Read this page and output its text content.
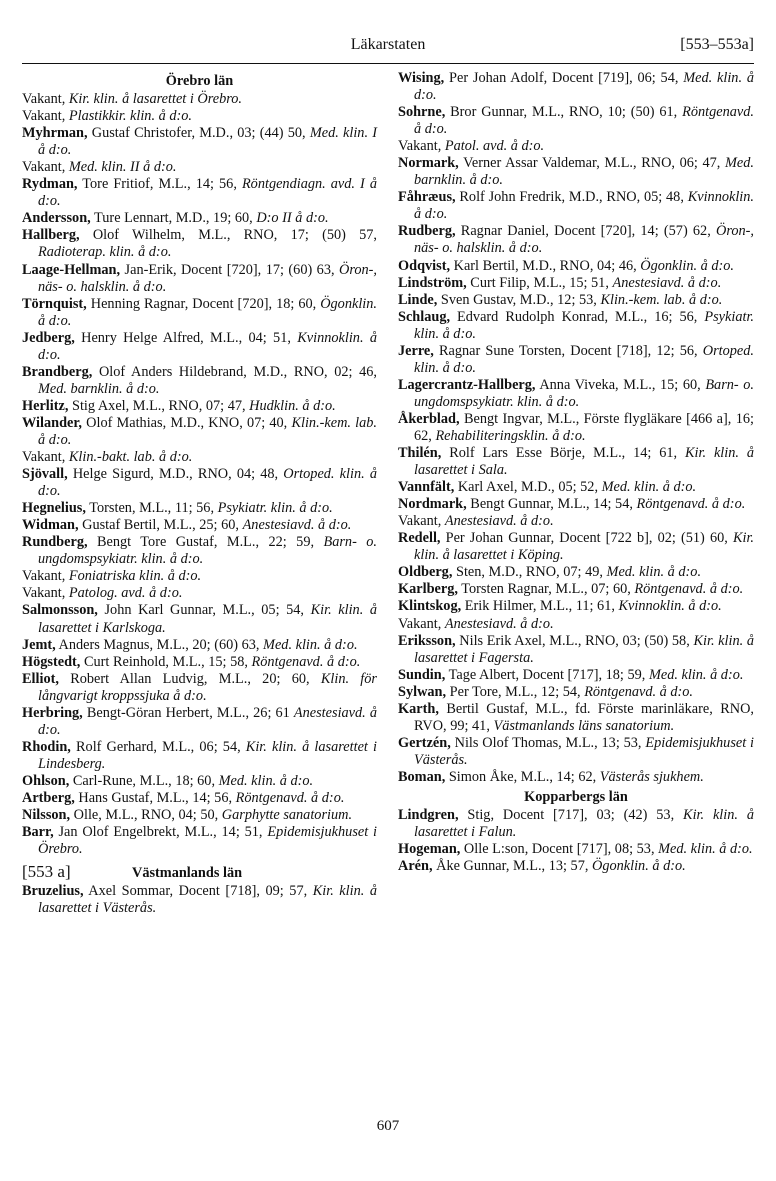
Läkarstaten	[553–553a]
Örebro län
Vakant, Kir. klin. å lasarettet i Örebro.
Vakant, Plastikkir. klin. å d:o.
Myhrman, Gustaf Christofer, M.D., 03; (44) 50, Med. klin. I å d:o.
Vakant, Med. klin. II å d:o.
Rydman, Tore Fritiof, M.L., 14; 56, Röntgendiagn. avd. I å d:o.
Andersson, Ture Lennart, M.D., 19; 60, D:o II å d:o.
Hallberg, Olof Wilhelm, M.L., RNO, 17; (50) 57, Radioterap. klin. å d:o.
Laage-Hellman, Jan-Erik, Docent [720], 17; (60) 63, Öron-, näs- o. halsklin. å d:o.
Törnquist, Henning Ragnar, Docent [720], 18; 60, Ögonklin. å d:o.
Jedberg, Henry Helge Alfred, M.L., 04; 51, Kvinnoklin. å d:o.
Brandberg, Olof Anders Hildebrand, M.D., RNO, 02; 46, Med. barnklin. å d:o.
Herlitz, Stig Axel, M.L., RNO, 07; 47, Hudklin. å d:o.
Wilander, Olof Mathias, M.D., KNO, 07; 40, Klin.-kem. lab. å d:o.
Vakant, Klin.-bakt. lab. å d:o.
Sjövall, Helge Sigurd, M.D., RNO, 04; 48, Ortoped. klin. å d:o.
Hegnelius, Torsten, M.L., 11; 56, Psykiatr. klin. å d:o.
Widman, Gustaf Bertil, M.L., 25; 60, Anestesiavd. å d:o.
Rundberg, Bengt Tore Gustaf, M.L., 22; 59, Barn- o. ungdomspsykiatr. klin. å d:o.
Vakant, Foniatriska klin. å d:o.
Vakant, Patolog. avd. å d:o.
Salmonsson, John Karl Gunnar, M.L., 05; 54, Kir. klin. å lasarettet i Karlskoga.
Jemt, Anders Magnus, M.L., 20; (60) 63, Med. klin. å d:o.
Högstedt, Curt Reinhold, M.L., 15; 58, Röntgenavd. å d:o.
Elliot, Robert Allan Ludvig, M.L., 20; 60, Klin. för långvarigt kroppssjuka å d:o.
Herbring, Bengt-Göran Herbert, M.L., 26; 61 Anestesiavd. å d:o.
Rhodin, Rolf Gerhard, M.L., 06; 54, Kir. klin. å lasarettet i Lindesberg.
Ohlson, Carl-Rune, M.L., 18; 60, Med. klin. å d:o.
Artberg, Hans Gustaf, M.L., 14; 56, Röntgenavd. å d:o.
Nilsson, Olle, M.L., RNO, 04; 50, Garphytte sanatorium.
Barr, Jan Olof Engelbrekt, M.L., 14; 51, Epidemisjukhuset i Örebro.
[553 a]	Västmanlands län
Bruzelius, Axel Sommar, Docent [718], 09; 57, Kir. klin. å lasarettet i Västerås.
Wising, Per Johan Adolf, Docent [719], 06; 54, Med. klin. å d:o.
Sohrne, Bror Gunnar, M.L., RNO, 10; (50) 61, Röntgenavd. å d:o.
Vakant, Patol. avd. å d:o.
Normark, Verner Assar Valdemar, M.L., RNO, 06; 47, Med. barnklin. å d:o.
Fåhræus, Rolf John Fredrik, M.D., RNO, 05; 48, Kvinnoklin. å d:o.
Rudberg, Ragnar Daniel, Docent [720], 14; (57) 62, Öron-, näs- o. halsklin. å d:o.
Odqvist, Karl Bertil, M.D., RNO, 04; 46, Ögonklin. å d:o.
Lindström, Curt Filip, M.L., 15; 51, Anestesiavd. å d:o.
Linde, Sven Gustav, M.D., 12; 53, Klin.-kem. lab. å d:o.
Schlaug, Edvard Rudolph Konrad, M.L., 16; 56, Psykiatr. klin. å d:o.
Jerre, Ragnar Sune Torsten, Docent [718], 12; 56, Ortoped. klin. å d:o.
Lagercrantz-Hallberg, Anna Viveka, M.L., 15; 60, Barn- o. ungdomspsykiatr. klin. å d:o.
Åkerblad, Bengt Ingvar, M.L., Förste flygläkare [466 a], 16; 62, Rehabiliteringsklin. å d:o.
Thilén, Rolf Lars Esse Börje, M.L., 14; 61, Kir. klin. å lasarettet i Sala.
Vannfält, Karl Axel, M.D., 05; 52, Med. klin. å d:o.
Nordmark, Bengt Gunnar, M.L., 14; 54, Röntgenavd. å d:o.
Vakant, Anestesiavd. å d:o.
Redell, Per Johan Gunnar, Docent [722 b], 02; (51) 60, Kir. klin. å lasarettet i Köping.
Oldberg, Sten, M.D., RNO, 07; 49, Med. klin. å d:o.
Karlberg, Torsten Ragnar, M.L., 07; 60, Röntgenavd. å d:o.
Klintskog, Erik Hilmer, M.L., 11; 61, Kvinnoklin. å d:o.
Vakant, Anestesiavd. å d:o.
Eriksson, Nils Erik Axel, M.L., RNO, 03; (50) 58, Kir. klin. å lasarettet i Fagersta.
Sundin, Tage Albert, Docent [717], 18; 59, Med. klin. å d:o.
Sylwan, Per Tore, M.L., 12; 54, Röntgenavd. å d:o.
Karth, Bertil Gustaf, M.L., fd. Förste marinläkare, RNO, RVO, 99; 41, Västmanlands läns sanatorium.
Gertzén, Nils Olof Thomas, M.L., 13; 53, Epidemisjukhuset i Västerås.
Boman, Simon Åke, M.L., 14; 62, Västerås sjukhem.
Kopparbergs län
Lindgren, Stig, Docent [717], 03; (42) 53, Kir. klin. å lasarettet i Falun.
Hogeman, Olle L:son, Docent [717], 08; 53, Med. klin. å d:o.
Arén, Åke Gunnar, M.L., 13; 57, Ögonklin. å d:o.
607
